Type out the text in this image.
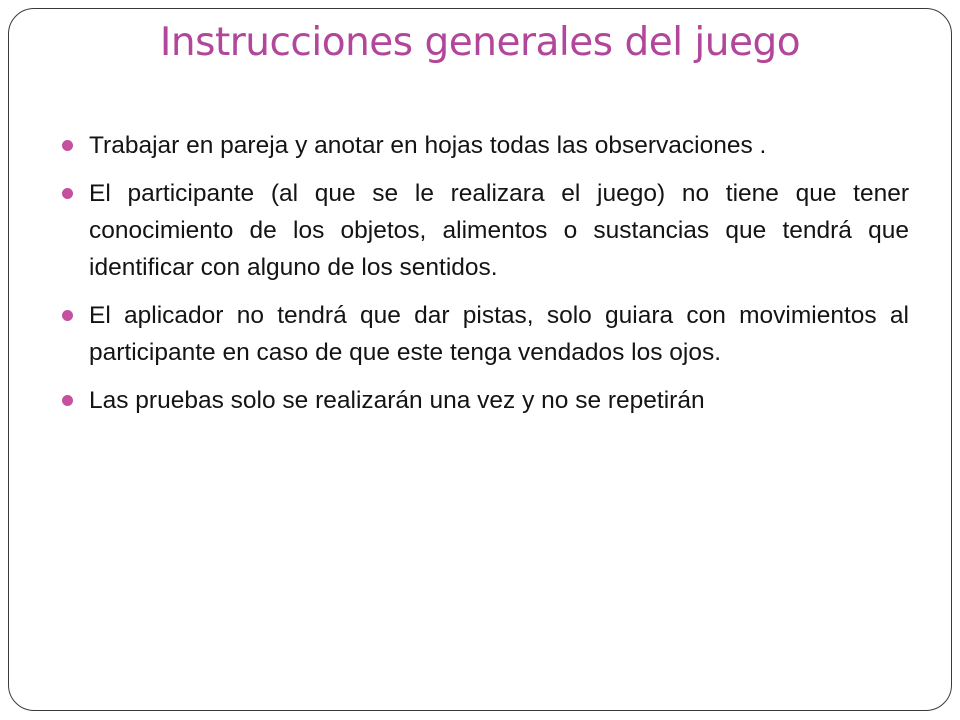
Instrucciones generales del juego
Trabajar en pareja y anotar en hojas todas las observaciones .
El participante (al que se le realizara el juego) no tiene que tener conocimiento de los objetos, alimentos o sustancias que tendrá que identificar con alguno de los sentidos.
El aplicador no tendrá que dar pistas, solo guiara con movimientos al participante en caso de que este tenga vendados los ojos.
Las pruebas solo se realizarán una vez y no se repetirán
